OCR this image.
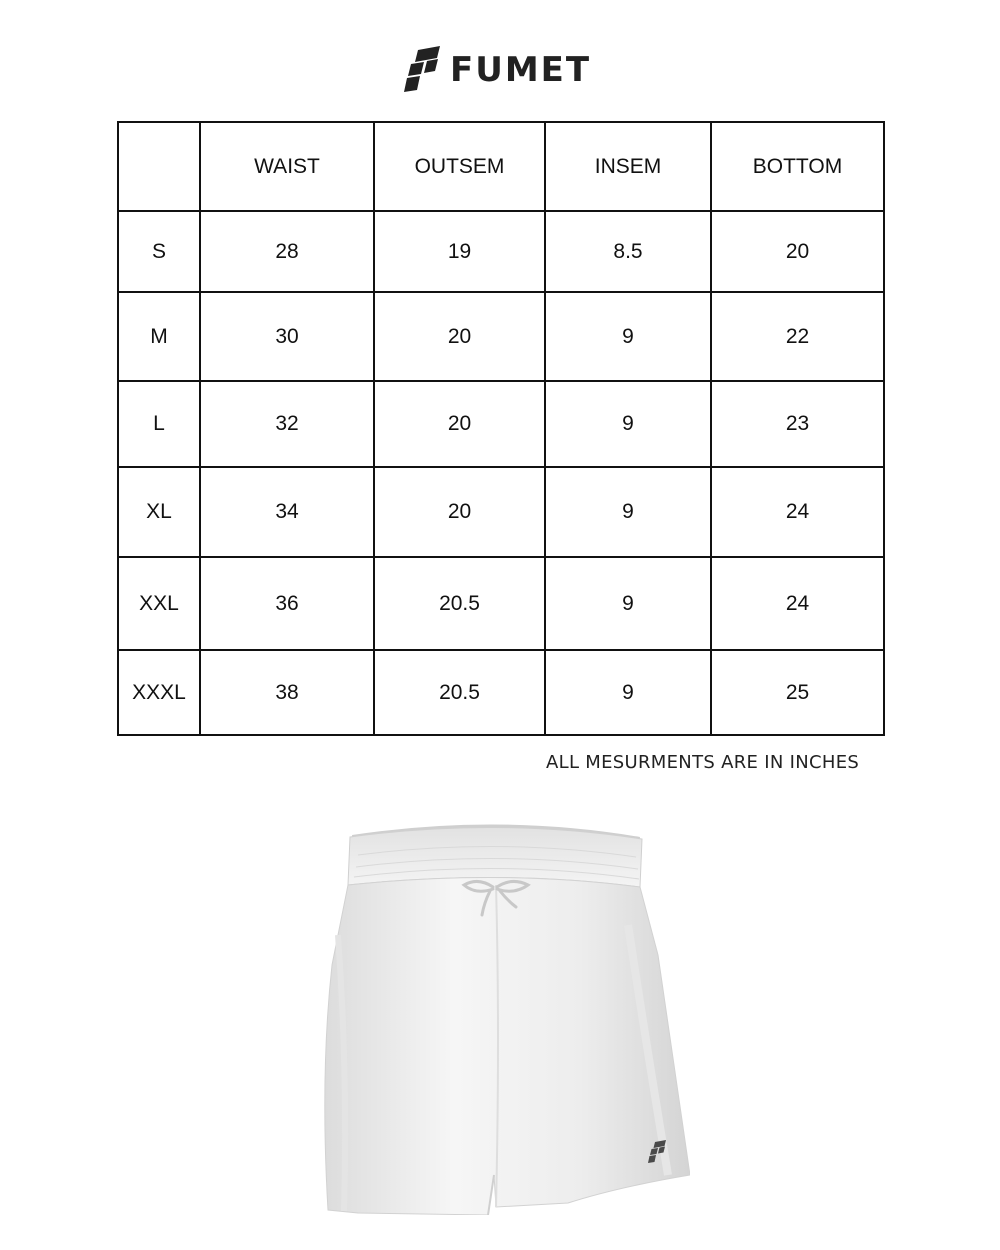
FUMET
	WAIST	OUTSEM	INSEM	BOTTOM
S	28	19	8.5	20
M	30	20	9	22
L	32	20	9	23
XL	34	20	9	24
XXL	36	20.5	9	24
XXXL	38	20.5	9	25
ALL MESURMENTS ARE IN INCHES
